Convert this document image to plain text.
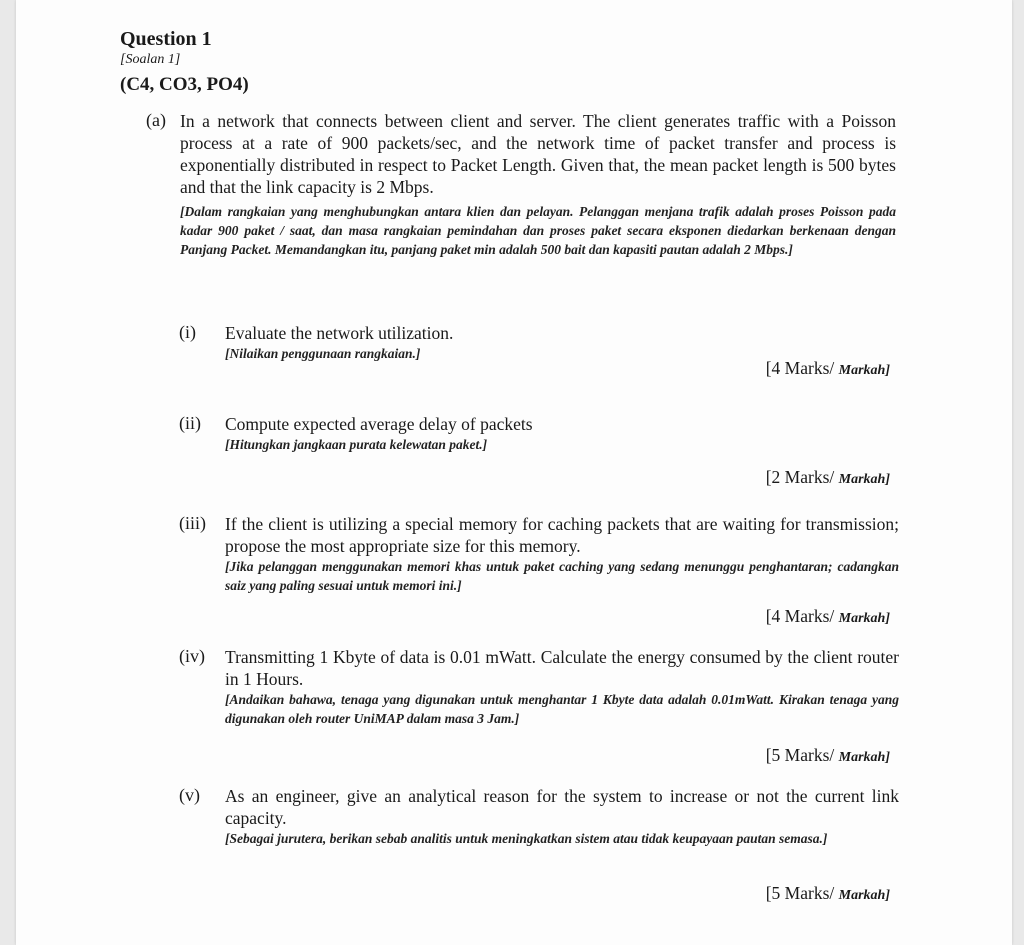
Question 1
[Soalan 1]
(C4, CO3, PO4)
(a) In a network that connects between client and server. The client generates traffic with a Poisson process at a rate of 900 packets/sec, and the network time of packet transfer and process is exponentially distributed in respect to Packet Length. Given that, the mean packet length is 500 bytes and that the link capacity is 2 Mbps.
[Dalam rangkaian yang menghubungkan antara klien dan pelayan. Pelanggan menjana trafik adalah proses Poisson pada kadar 900 paket / saat, dan masa rangkaian pemindahan dan proses paket secara eksponen diedarkan berkenaan dengan Panjang Packet. Memandangkan itu, panjang paket min adalah 500 bait dan kapasiti pautan adalah 2 Mbps.]
(i) Evaluate the network utilization.
[Nilaikan penggunaan rangkaian.]
[4 Marks/ Markah]
(ii) Compute expected average delay of packets
[Hitungkan jangkaan purata kelewatan paket.]
[2 Marks/ Markah]
(iii) If the client is utilizing a special memory for caching packets that are waiting for transmission; propose the most appropriate size for this memory.
[Jika pelanggan menggunakan memori khas untuk paket caching yang sedang menunggu penghantaran; cadangkan saiz yang paling sesuai untuk memori ini.]
[4 Marks/ Markah]
(iv) Transmitting 1 Kbyte of data is 0.01 mWatt. Calculate the energy consumed by the client router in 1 Hours.
[Andaikan bahawa, tenaga yang digunakan untuk menghantar 1 Kbyte data adalah 0.01mWatt. Kirakan tenaga yang digunakan oleh router UniMAP dalam masa 3 Jam.]
[5 Marks/ Markah]
(v) As an engineer, give an analytical reason for the system to increase or not the current link capacity.
[Sebagai jurutera, berikan sebab analitis untuk meningkatkan sistem atau tidak keupayaan pautan semasa.]
[5 Marks/ Markah]
